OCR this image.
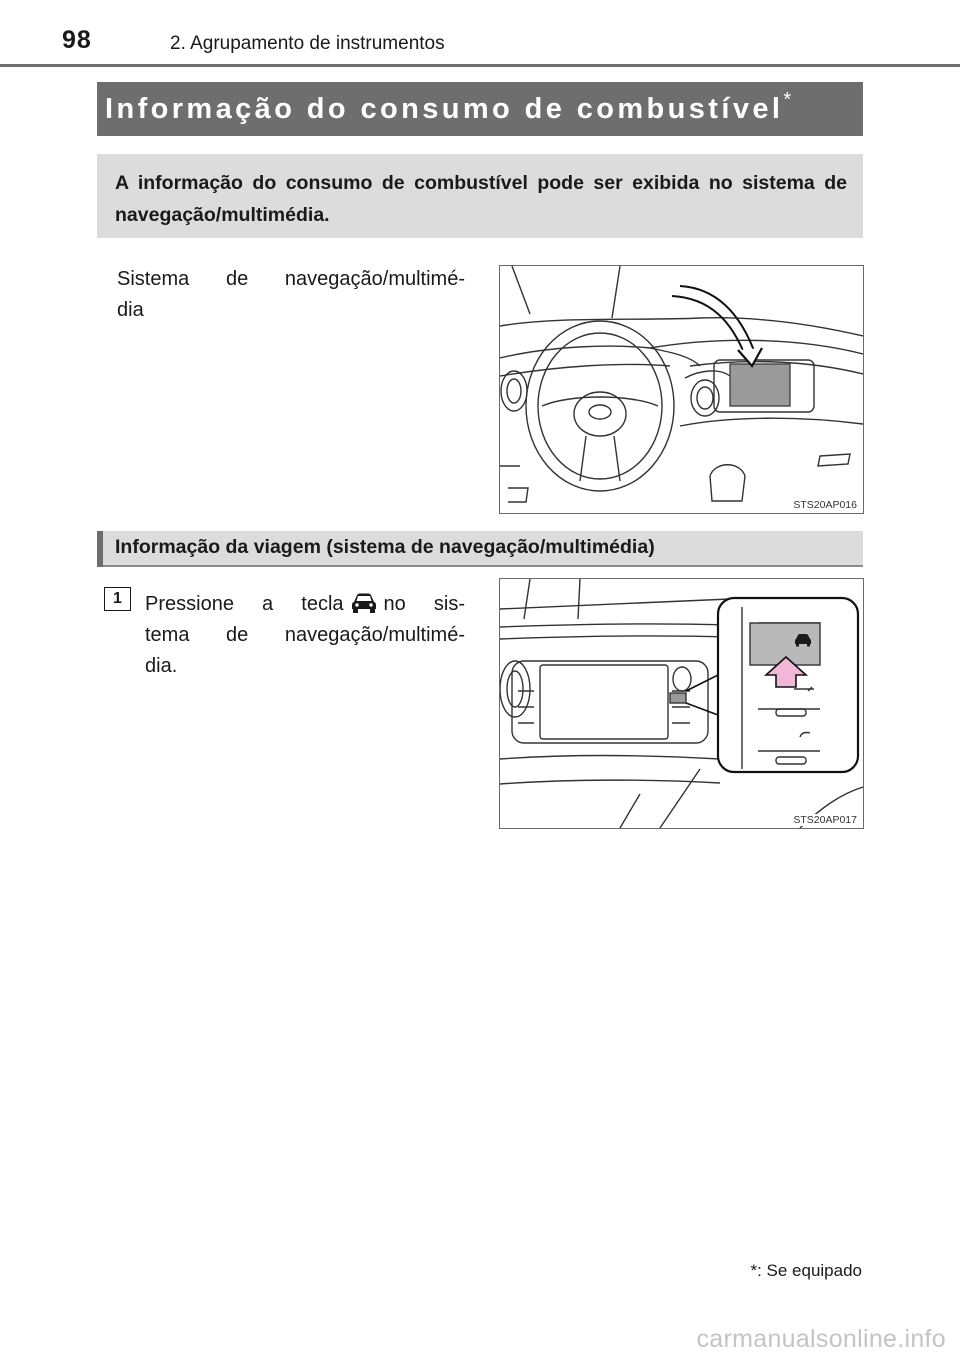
98	2. Agrupamento de instrumentos
Informação do consumo de combustível*
A informação do consumo de combustível pode ser exibida no sistema de navegação/multimédia.
Sistema de navegação/multimé-
dia
STS20AP016
Informação da viagem (sistema de navegação/multimédia)
1	Pressione a tecla no sis-
tema de navegação/multimé-
dia.
STS20AP017
*: Se equipado
carmanualsonline.info
